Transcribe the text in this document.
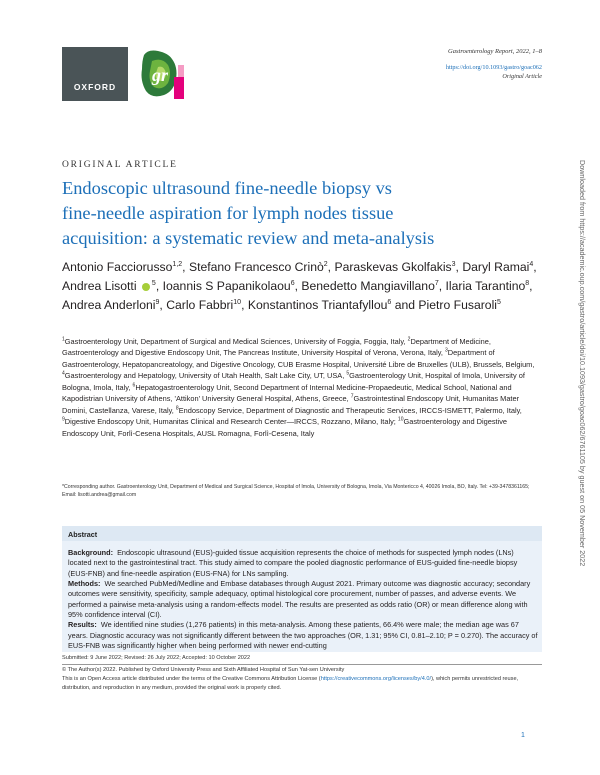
OXFORD
gr
Gastroenterology Report, 2022, 1–8
https://doi.org/10.1093/gastro/goac062
Original Article
ORIGINAL ARTICLE
Endoscopic ultrasound fine-needle biopsy vs
fine-needle aspiration for lymph nodes tissue
acquisition: a systematic review and meta-analysis
Antonio Facciorusso$^{1,2}$, Stefano Francesco Crinò$^2$, Paraskevas Gkolfakis$^3$, Daryl Ramai$^4$, Andrea Lisotti $^5$, Ioannis S Papanikolaou$^6$, Benedetto Mangiavillano$^7$, Ilaria Tarantino$^8$, Andrea Anderloni$^9$, Carlo Fabbri$^{10}$, Konstantinos Triantafyllou$^6$ and Pietro Fusaroli$^5$
$^1$Gastroenterology Unit, Department of Surgical and Medical Sciences, University of Foggia, Foggia, Italy, $^2$Department of Medicine, Gastroenterology and Digestive Endoscopy Unit, The Pancreas Institute, University Hospital of Verona, Verona, Italy, $^3$Department of Gastroenterology, Hepatopancreatology, and Digestive Oncology, CUB Erasme Hospital, Université Libre de Bruxelles (ULB), Brussels, Belgium, $^4$Gastroenterology and Hepatology, University of Utah Health, Salt Lake City, UT, USA, $^5$Gastroenterology Unit, Hospital of Imola, University of Bologna, Imola, Italy, $^6$Hepatogastroenterology Unit, Second Department of Internal Medicine-Propaedeutic, Medical School, National and Kapodistrian University of Athens, 'Attikon' University General Hospital, Athens, Greece, $^7$Gastrointestinal Endoscopy Unit, Humanitas Mater Domini, Castellanza, Varese, Italy, $^8$Endoscopy Service, Department of Diagnostic and Therapeutic Services, IRCCS-ISMETT, Palermo, Italy, $^9$Digestive Endoscopy Unit, Humanitas Clinical and Research Center—IRCCS, Rozzano, Milano, Italy; $^{10}$Gastroenterology and Digestive Endoscopy Unit, Forlì-Cesena Hospitals, AUSL Romagna, Forlì-Cesena, Italy
*Corresponding author. Gastroenterology Unit, Department of Medical and Surgical Science, Hospital of Imola, University of Bologna, Imola, Via Montericco 4, 40026 Imola, BO, Italy. Tel: +39-3478361165; Email: lisotti.andrea@gmail.com
Abstract

Background: Endoscopic ultrasound (EUS)-guided tissue acquisition represents the choice of methods for suspected lymph nodes (LNs) located next to the gastrointestinal tract. This study aimed to compare the pooled diagnostic performance of EUS-guided fine-needle biopsy (EUS-FNB) and fine-needle aspiration (EUS-FNA) for LNs sampling.

Methods: We searched PubMed/Medline and Embase databases through August 2021. Primary outcome was diagnostic accuracy; secondary outcomes were sensitivity, specificity, sample adequacy, optimal histological core procurement, number of passes, and adverse events. We performed a pairwise meta-analysis using a random-effects model. The results are presented as odds ratio (OR) or mean difference along with 95% confidence interval (CI).

Results: We identified nine studies (1,276 patients) in this meta-analysis. Among these patients, 66.4% were male; the median age was 67 years. Diagnostic accuracy was not significantly different between the two approaches (OR, 1.31; 95% CI, 0.81–2.10; P = 0.270). The accuracy of EUS-FNB was significantly higher when being performed with newer end-cutting

Submitted: 9 June 2022; Revised: 26 July 2022; Accepted: 10 October 2022
© The Author(s) 2022. Published by Oxford University Press and Sixth Affiliated Hospital of Sun Yat-sen University
This is an Open Access article distributed under the terms of the Creative Commons Attribution License (https://creativecommons.org/licenses/by/4.0/), which permits unrestricted reuse, distribution, and reproduction in any medium, provided the original work is properly cited.
1
Downloaded from https://academic.oup.com/gastro/article/doi/10.1093/gastro/goac062/6761105 by guest on 05 November 2022
